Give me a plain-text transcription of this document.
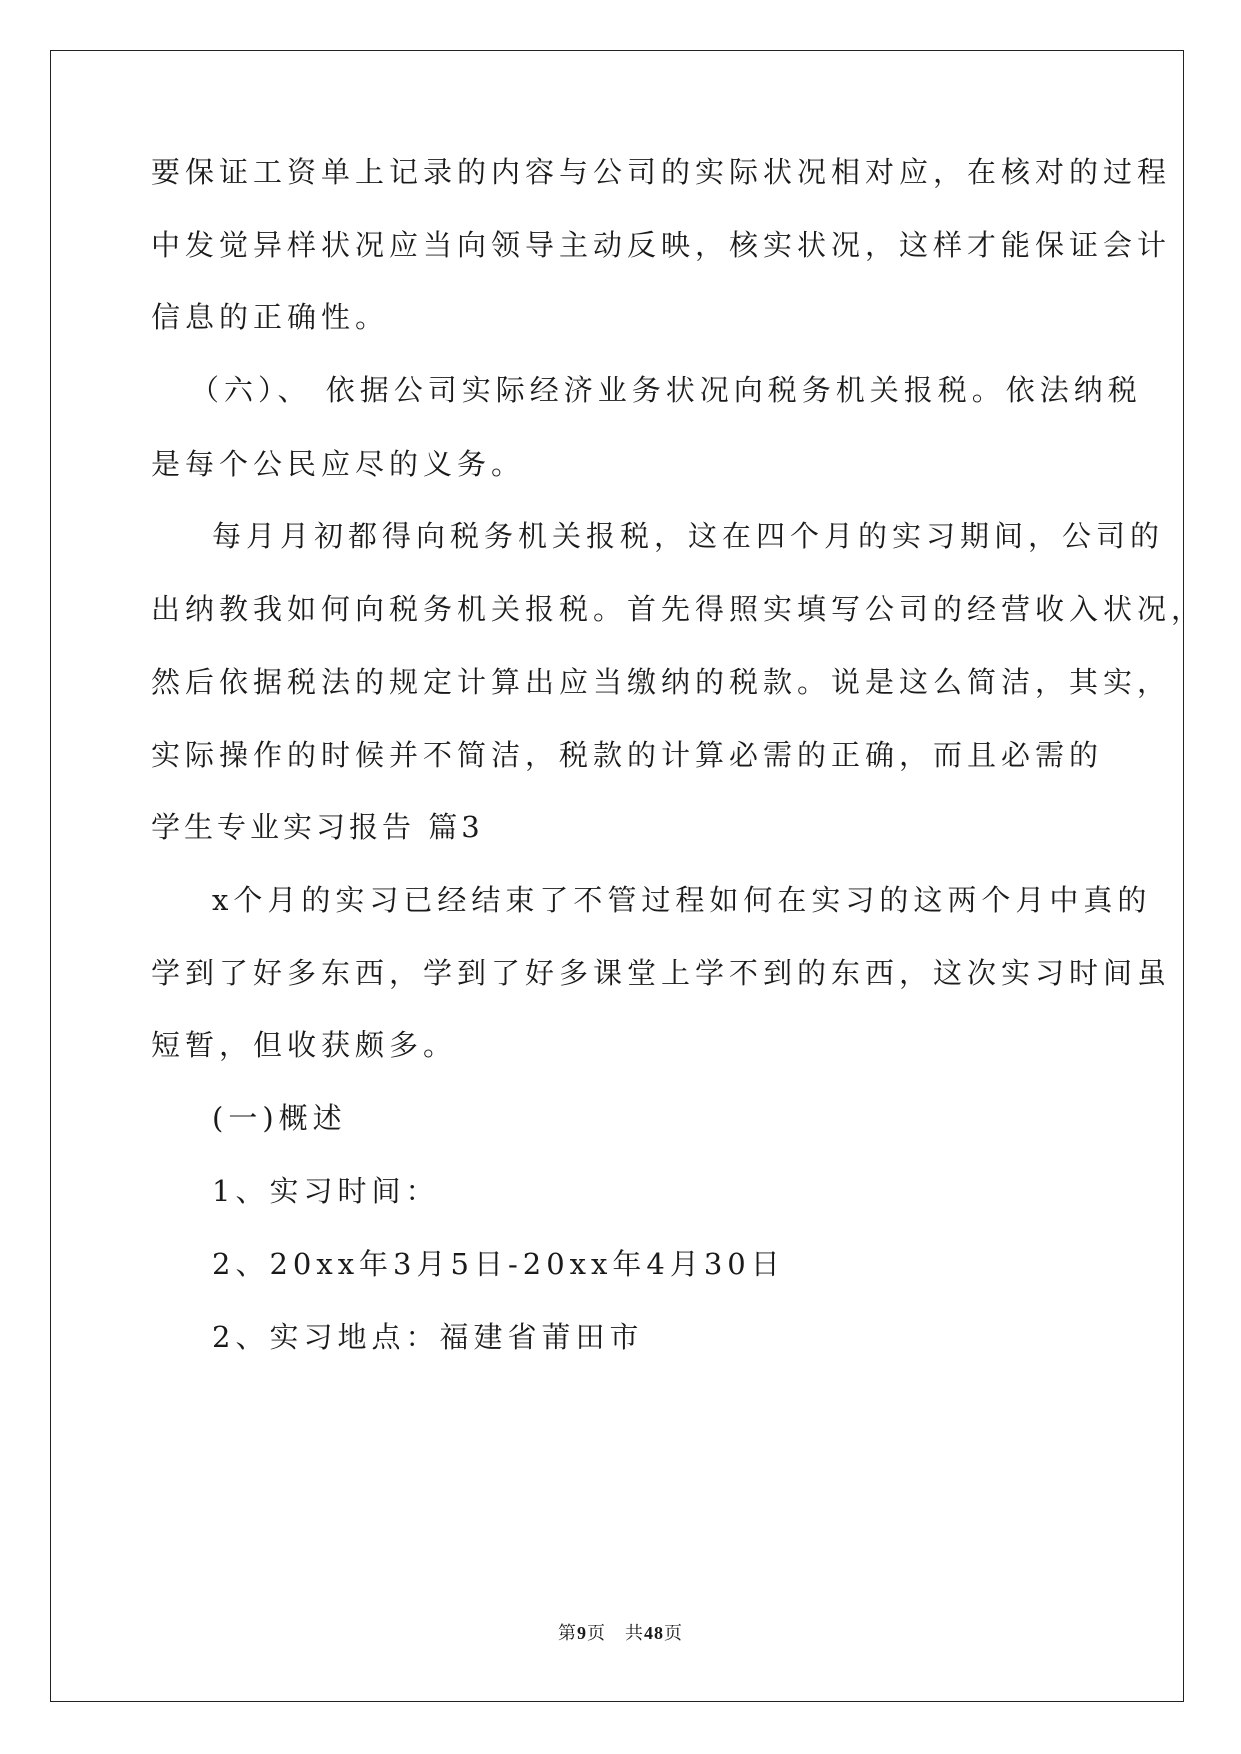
要保证工资单上记录的内容与公司的实际状况相对应，在核对的过程
中发觉异样状况应当向领导主动反映，核实状况，这样才能保证会计
信息的正确性。
（六）、 依据公司实际经济业务状况向税务机关报税。依法纳税
是每个公民应尽的义务。
每月月初都得向税务机关报税，这在四个月的实习期间，公司的
出纳教我如何向税务机关报税。首先得照实填写公司的经营收入状况，
然后依据税法的规定计算出应当缴纳的税款。说是这么简洁，其实，
实际操作的时候并不简洁，税款的计算必需的正确，而且必需的
学生专业实习报告 篇3
x个月的实习已经结束了不管过程如何在实习的这两个月中真的
学到了好多东西，学到了好多课堂上学不到的东西，这次实习时间虽
短暂，但收获颇多。
(一)概述
1、实习时间：
2、20xx年3月5日-20xx年4月30日
2、实习地点：福建省莆田市
第9页　共48页
